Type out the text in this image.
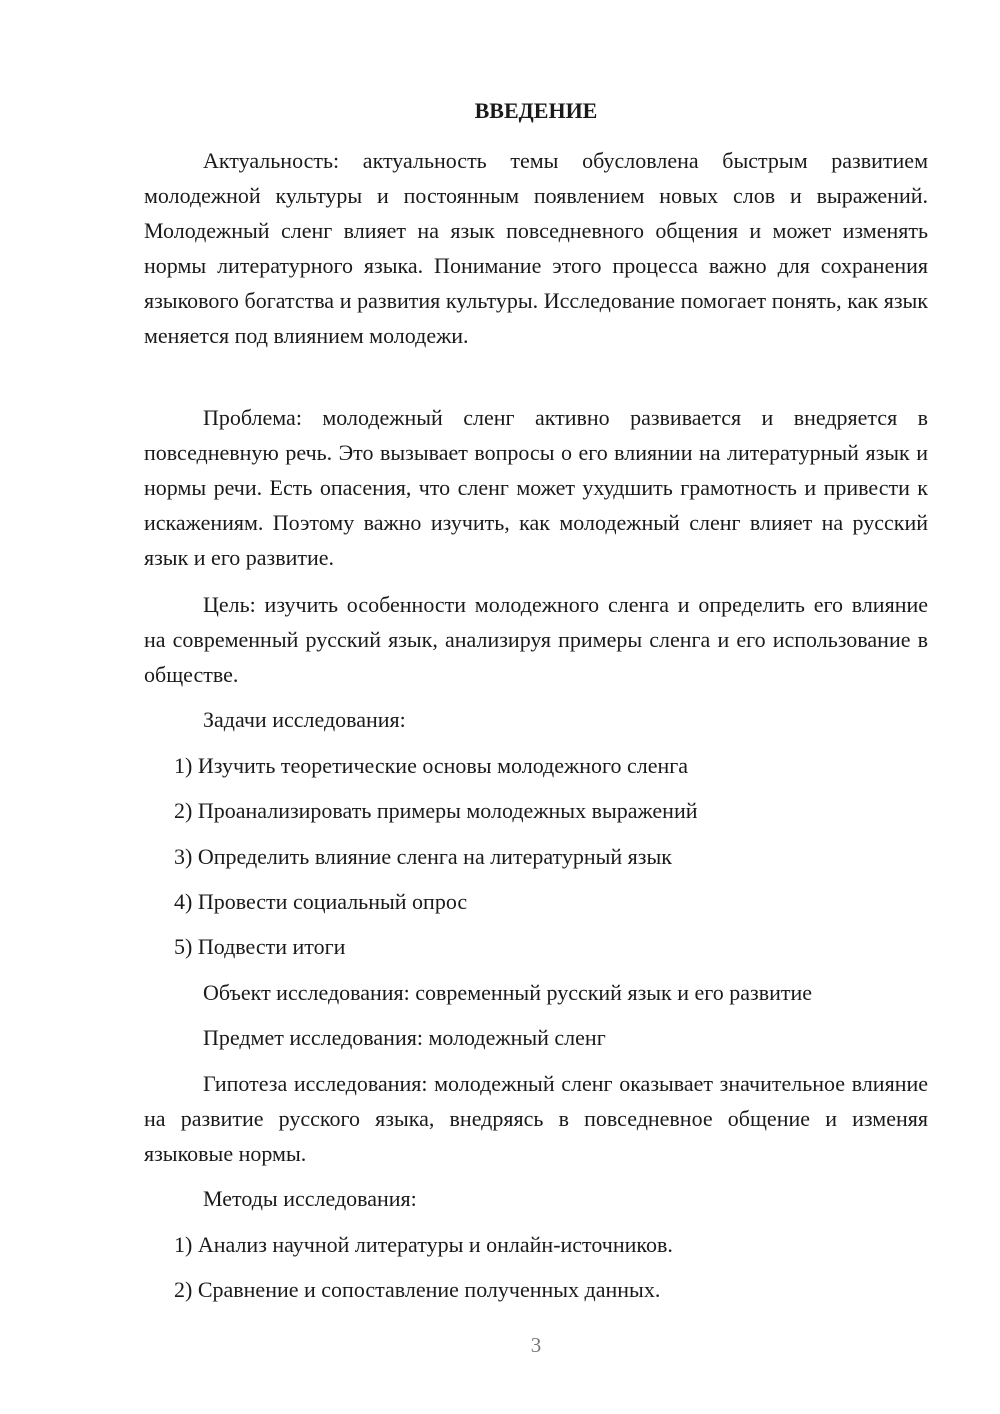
ВВЕДЕНИЕ

Актуальность: актуальность темы обусловлена быстрым развитием молодежной культуры и постоянным появлением новых слов и выражений. Молодежный сленг влияет на язык повседневного общения и может изменять нормы литературного языка. Понимание этого процесса важно для сохранения языкового богатства и развития культуры. Исследование помогает понять, как язык меняется под влиянием молодежи.

Проблема: молодежный сленг активно развивается и внедряется в повседневную речь. Это вызывает вопросы о его влиянии на литературный язык и нормы речи. Есть опасения, что сленг может ухудшить грамотность и привести к искажениям. Поэтому важно изучить, как молодежный сленг влияет на русский язык и его развитие.

Цель: изучить особенности молодежного сленга и определить его влияние на современный русский язык, анализируя примеры сленга и его использование в обществе.

Задачи исследования:

1) Изучить теоретические основы молодежного сленга

2) Проанализировать примеры молодежных выражений

3) Определить влияние сленга на литературный язык

4) Провести социальный опрос

5) Подвести итоги

Объект исследования: современный русский язык и его развитие

Предмет исследования: молодежный сленг

Гипотеза исследования: молодежный сленг оказывает значительное влияние на развитие русского языка, внедряясь в повседневное общение и изменяя языковые нормы.

Методы исследования:

1) Анализ научной литературы и онлайн-источников.

2) Сравнение и сопоставление полученных данных.

3
